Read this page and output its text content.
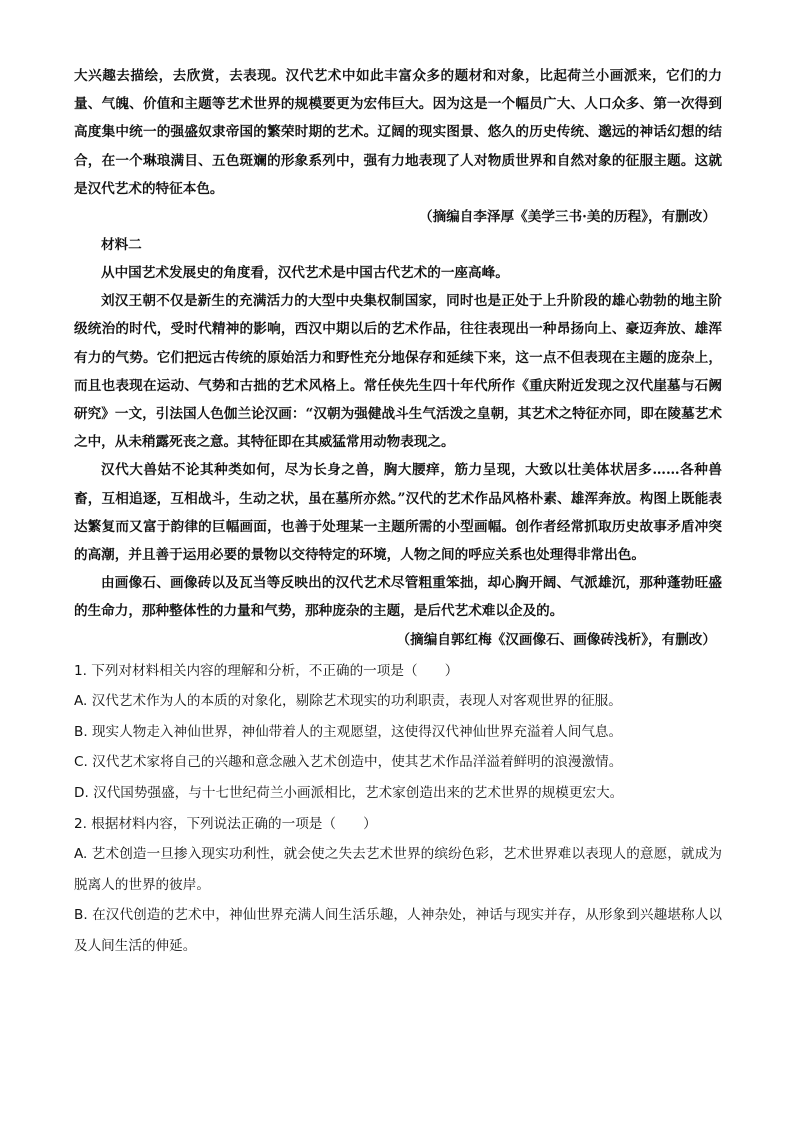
大兴趣去描绘，去欣赏，去表现。汉代艺术中如此丰富众多的题材和对象，比起荷兰小画派来，它们的力量、气魄、价值和主题等艺术世界的规模要更为宏伟巨大。因为这是一个幅员广大、人口众多、第一次得到高度集中统一的强盛奴隶帝国的繁荣时期的艺术。辽阔的现实图景、悠久的历史传统、邈远的神话幻想的结合，在一个琳琅满目、五色斑斓的形象系列中，强有力地表现了人对物质世界和自然对象的征服主题。这就是汉代艺术的特征本色。

（摘编自李泽厚《美学三书·美的历程》，有删改）

材料二

从中国艺术发展史的角度看，汉代艺术是中国古代艺术的一座高峰。

刘汉王朝不仅是新生的充满活力的大型中央集权制国家，同时也是正处于上升阶段的雄心勃勃的地主阶级统治的时代，受时代精神的影响，西汉中期以后的艺术作品，往往表现出一种昂扬向上、豪迈奔放、雄浑有力的气势。它们把远古传统的原始活力和野性充分地保存和延续下来，这一点不但表现在主题的庞杂上，而且也表现在运动、气势和古拙的艺术风格上。常任侠先生四十年代所作《重庆附近发现之汉代崖墓与石阙研究》一文，引法国人色伽兰论汉画：“汉朝为强健战斗生气活泼之皇朝，其艺术之特征亦同，即在陵墓艺术之中，从未稍露死丧之意。其特征即在其威猛常用动物表现之。

汉代大兽姑不论其种类如何，尽为长身之兽，胸大腰痒，筋力呈现，大致以壮美体状居多……各种兽畜，互相追逐，互相战斗，生动之状，虽在墓所亦然。”汉代的艺术作品风格朴素、雄浑奔放。构图上既能表达繁复而又富于韵律的巨幅画面，也善于处理某一主题所需的小型画幅。创作者经常抓取历史故事矛盾冲突的高潮，并且善于运用必要的景物以交待特定的环境，人物之间的呼应关系也处理得非常出色。

由画像石、画像砖以及瓦当等反映出的汉代艺术尽管粗重笨拙，却心胸开阔、气派雄沉，那种蓬勃旺盛的生命力，那种整体性的力量和气势，那种庞杂的主题，是后代艺术难以企及的。

（摘编自郭红梅《汉画像石、画像砖浅析》，有删改）

1. 下列对材料相关内容的理解和分析，不正确的一项是（　　）

A. 汉代艺术作为人的本质的对象化，剔除艺术现实的功利职责，表现人对客观世界的征服。

B. 现实人物走入神仙世界，神仙带着人的主观愿望，这使得汉代神仙世界充溢着人间气息。

C. 汉代艺术家将自己的兴趣和意念融入艺术创造中，使其艺术作品洋溢着鲜明的浪漫激情。

D. 汉代国势强盛，与十七世纪荷兰小画派相比，艺术家创造出来的艺术世界的规模更宏大。

2. 根据材料内容，下列说法正确的一项是（　　）

A. 艺术创造一旦掺入现实功利性，就会使之失去艺术世界的缤纷色彩，艺术世界难以表现人的意愿，就成为脱离人的世界的彼岸。

B. 在汉代创造的艺术中，神仙世界充满人间生活乐趣，人神杂处，神话与现实并存，从形象到兴趣堪称人以及人间生活的伸延。
